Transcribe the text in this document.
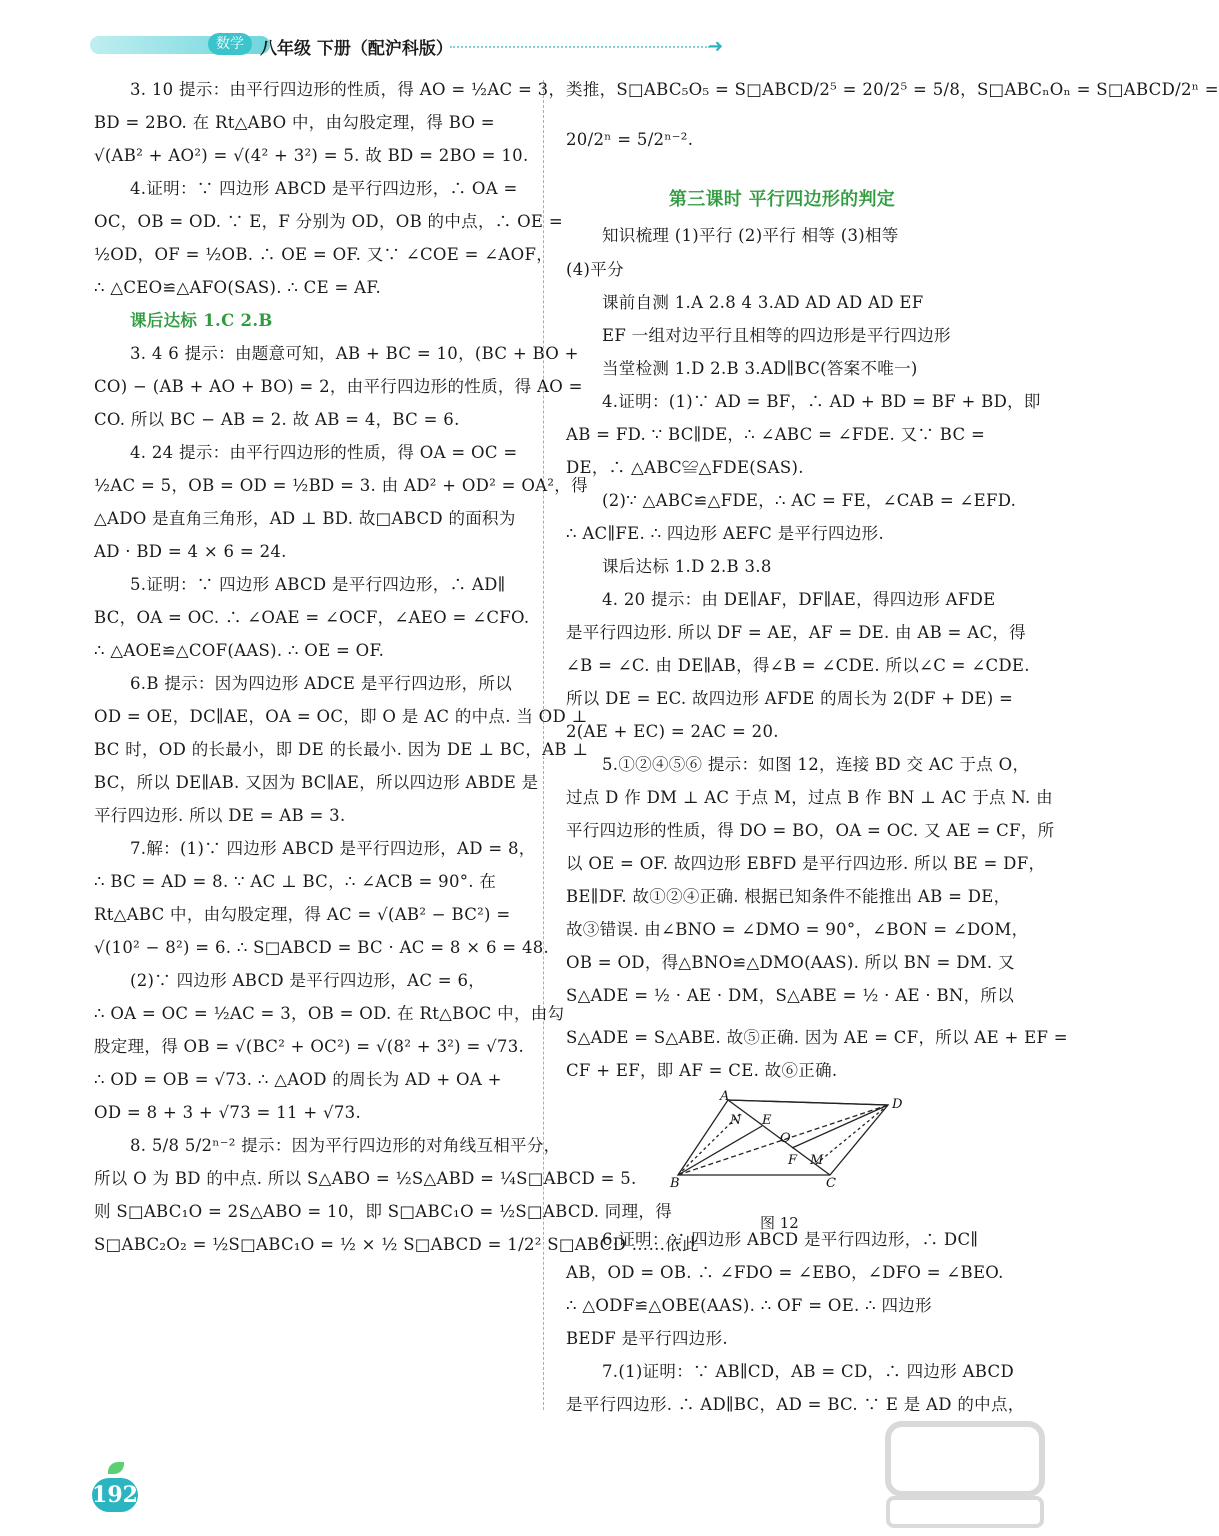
数学 八年级 下册（配沪科版）	➜
3. 10 提示：由平行四边形的性质，得 AO = ½AC = 3，
BD = 2BO. 在 Rt△ABO 中，由勾股定理，得 BO =
√(AB² + AO²) = √(4² + 3²) = 5. 故 BD = 2BO = 10.
4.证明：∵ 四边形 ABCD 是平行四边形，∴ OA =
OC，OB = OD. ∵ E，F 分别为 OD，OB 的中点，∴ OE =
½OD，OF = ½OB. ∴ OE = OF. 又∵ ∠COE = ∠AOF，
∴ △CEO≌△AFO(SAS). ∴ CE = AF.
课后达标 1.C 2.B
3. 4 6 提示：由题意可知，AB + BC = 10，(BC + BO +
CO) − (AB + AO + BO) = 2，由平行四边形的性质，得 AO =
CO. 所以 BC − AB = 2. 故 AB = 4，BC = 6.
4. 24 提示：由平行四边形的性质，得 OA = OC =
½AC = 5，OB = OD = ½BD = 3. 由 AD² + OD² = OA²，得
△ADO 是直角三角形，AD ⊥ BD. 故□ABCD 的面积为
AD · BD = 4 × 6 = 24.
5.证明：∵ 四边形 ABCD 是平行四边形，∴ AD∥
BC，OA = OC. ∴ ∠OAE = ∠OCF，∠AEO = ∠CFO.
∴ △AOE≌△COF(AAS). ∴ OE = OF.
6.B 提示：因为四边形 ADCE 是平行四边形，所以
OD = OE，DC∥AE，OA = OC，即 O 是 AC 的中点. 当 OD ⊥
BC 时，OD 的长最小，即 DE 的长最小. 因为 DE ⊥ BC，AB ⊥
BC，所以 DE∥AB. 又因为 BC∥AE，所以四边形 ABDE 是
平行四边形. 所以 DE = AB = 3.
7.解：(1)∵ 四边形 ABCD 是平行四边形，AD = 8，
∴ BC = AD = 8. ∵ AC ⊥ BC，∴ ∠ACB = 90°. 在
Rt△ABC 中，由勾股定理，得 AC = √(AB² − BC²) =
√(10² − 8²) = 6. ∴ S□ABCD = BC · AC = 8 × 6 = 48.
(2)∵ 四边形 ABCD 是平行四边形，AC = 6，
∴ OA = OC = ½AC = 3，OB = OD. 在 Rt△BOC 中，由勾
股定理，得 OB = √(BC² + OC²) = √(8² + 3²) = √73.
∴ OD = OB = √73. ∴ △AOD 的周长为 AD + OA +
OD = 8 + 3 + √73 = 11 + √73.
8. 5/8 5/2ⁿ⁻² 提示：因为平行四边形的对角线互相平分，
所以 O 为 BD 的中点. 所以 S△ABO = ½S△ABD = ¼S□ABCD = 5.
则 S□ABC₁O = 2S△ABO = 10，即 S□ABC₁O = ½S□ABCD. 同理，得
S□ABC₂O₂ = ½S□ABC₁O = ½ × ½ S□ABCD = 1/2² S□ABCD ……依此
类推，S□ABC₅O₅ = S□ABCD/2⁵ = 20/2⁵ = 5/8，S□ABCₙOₙ = S□ABCD/2ⁿ =
20/2ⁿ = 5/2ⁿ⁻².
第三课时 平行四边形的判定
知识梳理 (1)平行 (2)平行 相等 (3)相等
(4)平分
课前自测 1.A 2.8 4 3.AD AD AD AD EF
EF 一组对边平行且相等的四边形是平行四边形
当堂检测 1.D 2.B 3.AD∥BC(答案不唯一)
4.证明：(1)∵ AD = BF，∴ AD + BD = BF + BD，即
AB = FD. ∵ BC∥DE，∴ ∠ABC = ∠FDE. 又∵ BC =
DE，∴ △ABC≌△FDE(SAS).
(2)∵ △ABC≌△FDE，∴ AC = FE，∠CAB = ∠EFD.
∴ AC∥FE. ∴ 四边形 AEFC 是平行四边形.
课后达标 1.D 2.B 3.8
4. 20 提示：由 DE∥AF，DF∥AE，得四边形 AFDE
是平行四边形. 所以 DF = AE，AF = DE. 由 AB = AC，得
∠B = ∠C. 由 DE∥AB，得∠B = ∠CDE. 所以∠C = ∠CDE.
所以 DE = EC. 故四边形 AFDE 的周长为 2(DF + DE) =
2(AE + EC) = 2AC = 20.
5.①②④⑤⑥ 提示：如图 12，连接 BD 交 AC 于点 O，
过点 D 作 DM ⊥ AC 于点 M，过点 B 作 BN ⊥ AC 于点 N. 由
平行四边形的性质，得 DO = BO，OA = OC. 又 AE = CF，所
以 OE = OF. 故四边形 EBFD 是平行四边形. 所以 BE = DF，
BE∥DF. 故①②④正确. 根据已知条件不能推出 AB = DE，
故③错误. 由∠BNO = ∠DMO = 90°，∠BON = ∠DOM，
OB = OD，得△BNO≌△DMO(AAS). 所以 BN = DM. 又
S△ADE = ½ · AE · DM，S△ABE = ½ · AE · BN，所以
S△ADE = S△ABE. 故⑤正确. 因为 AE = CF，所以 AE + EF =
CF + EF，即 AF = CE. 故⑥正确.
6.证明：∵ 四边形 ABCD 是平行四边形，∴ DC∥
AB，OD = OB. ∴ ∠FDO = ∠EBO，∠DFO = ∠BEO.
∴ △ODF≌△OBE(AAS). ∴ OF = OE. ∴ 四边形
BEDF 是平行四边形.
7.(1)证明：∵ AB∥CD，AB = CD，∴ 四边形 ABCD
是平行四边形. ∴ AD∥BC，AD = BC. ∵ E 是 AD 的中点，
A
N E
O
D
F M
B	C
图 12
192
